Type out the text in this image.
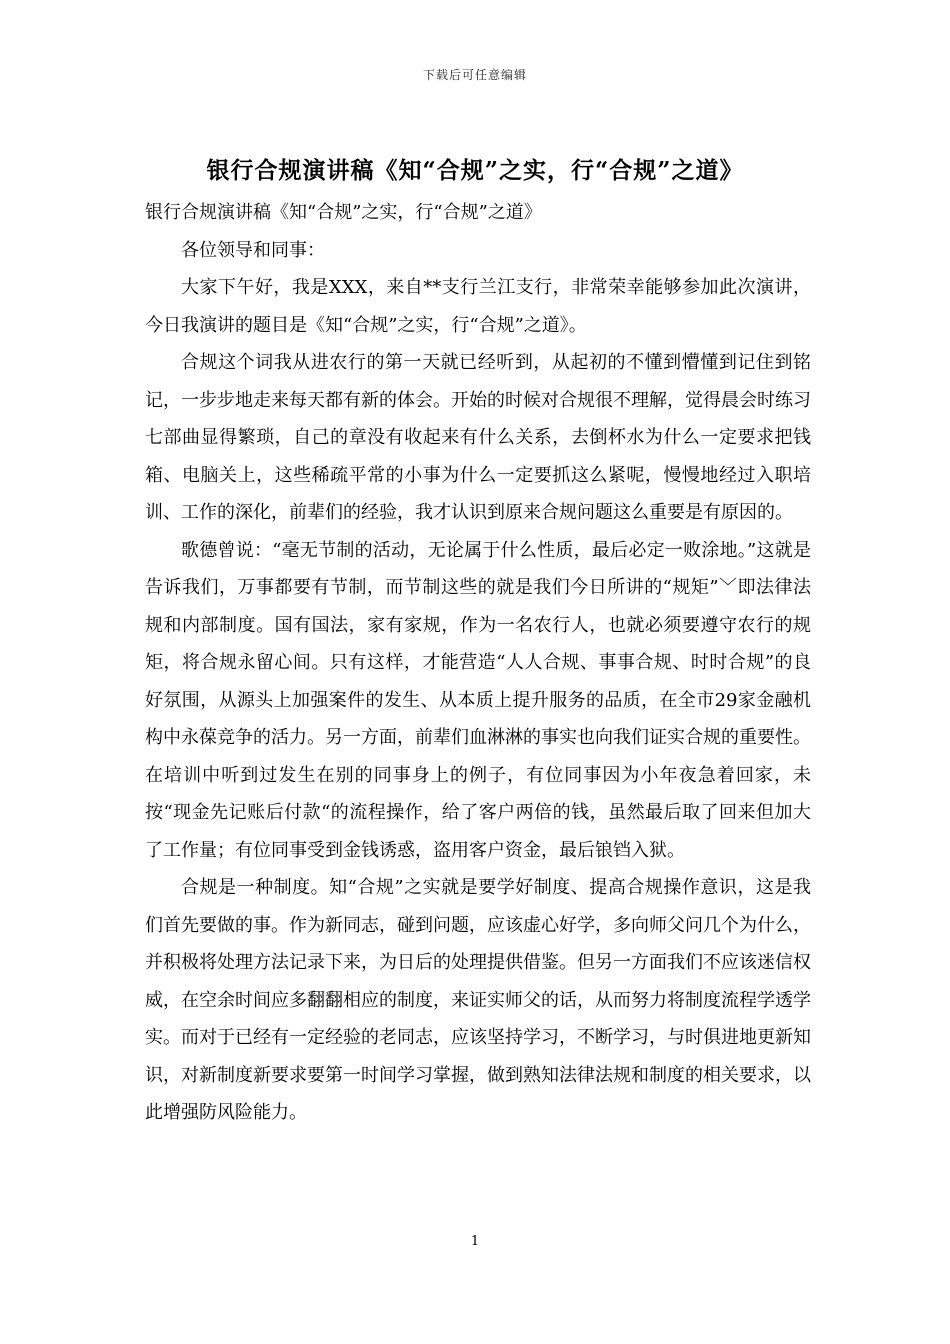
下载后可任意编辑
银行合规演讲稿《知“合规”之实，行“合规”之道》

银行合规演讲稿《知“合规”之实，行“合规”之道》

各位领导和同事：

大家下午好，我是XXX，来自**支行兰江支行，非常荣幸能够参加此次演讲，今日我演讲的题目是《知“合规”之实，行“合规”之道》。

合规这个词我从进农行的第一天就已经听到，从起初的不懂到懵懂到记住到铭记，一步步地走来每天都有新的体会。开始的时候对合规很不理解，觉得晨会时练习七部曲显得繁琐，自己的章没有收起来有什么关系，去倒杯水为什么一定要求把钱箱、电脑关上，这些稀疏平常的小事为什么一定要抓这么紧呢，慢慢地经过入职培训、工作的深化，前辈们的经验，我才认识到原来合规问题这么重要是有原因的。

歌德曾说：“毫无节制的活动，无论属于什么性质，最后必定一败涂地。”这就是告诉我们，万事都要有节制，而节制这些的就是我们今日所讲的“规矩”﹀即法律法规和内部制度。国有国法，家有家规，作为一名农行人，也就必须要遵守农行的规矩，将合规永留心间。只有这样，才能营造“人人合规、事事合规、时时合规”的良好氛围，从源头上加强案件的发生、从本质上提升服务的品质，在全市29家金融机构中永葆竞争的活力。另一方面，前辈们血淋淋的事实也向我们证实合规的重要性。在培训中听到过发生在别的同事身上的例子，有位同事因为小年夜急着回家，未按“现金先记账后付款“的流程操作，给了客户两倍的钱，虽然最后取了回来但加大了工作量；有位同事受到金钱诱惑，盗用客户资金，最后锒铛入狱。

合规是一种制度。知“合规”之实就是要学好制度、提高合规操作意识，这是我们首先要做的事。作为新同志，碰到问题，应该虚心好学，多向师父问几个为什么，并积极将处理方法记录下来，为日后的处理提供借鉴。但另一方面我们不应该迷信权威，在空余时间应多翻翻相应的制度，来证实师父的话，从而努力将制度流程学透学实。而对于已经有一定经验的老同志，应该坚持学习，不断学习，与时俱进地更新知识，对新制度新要求要第一时间学习掌握，做到熟知法律法规和制度的相关要求，以此增强防风险能力。

1
